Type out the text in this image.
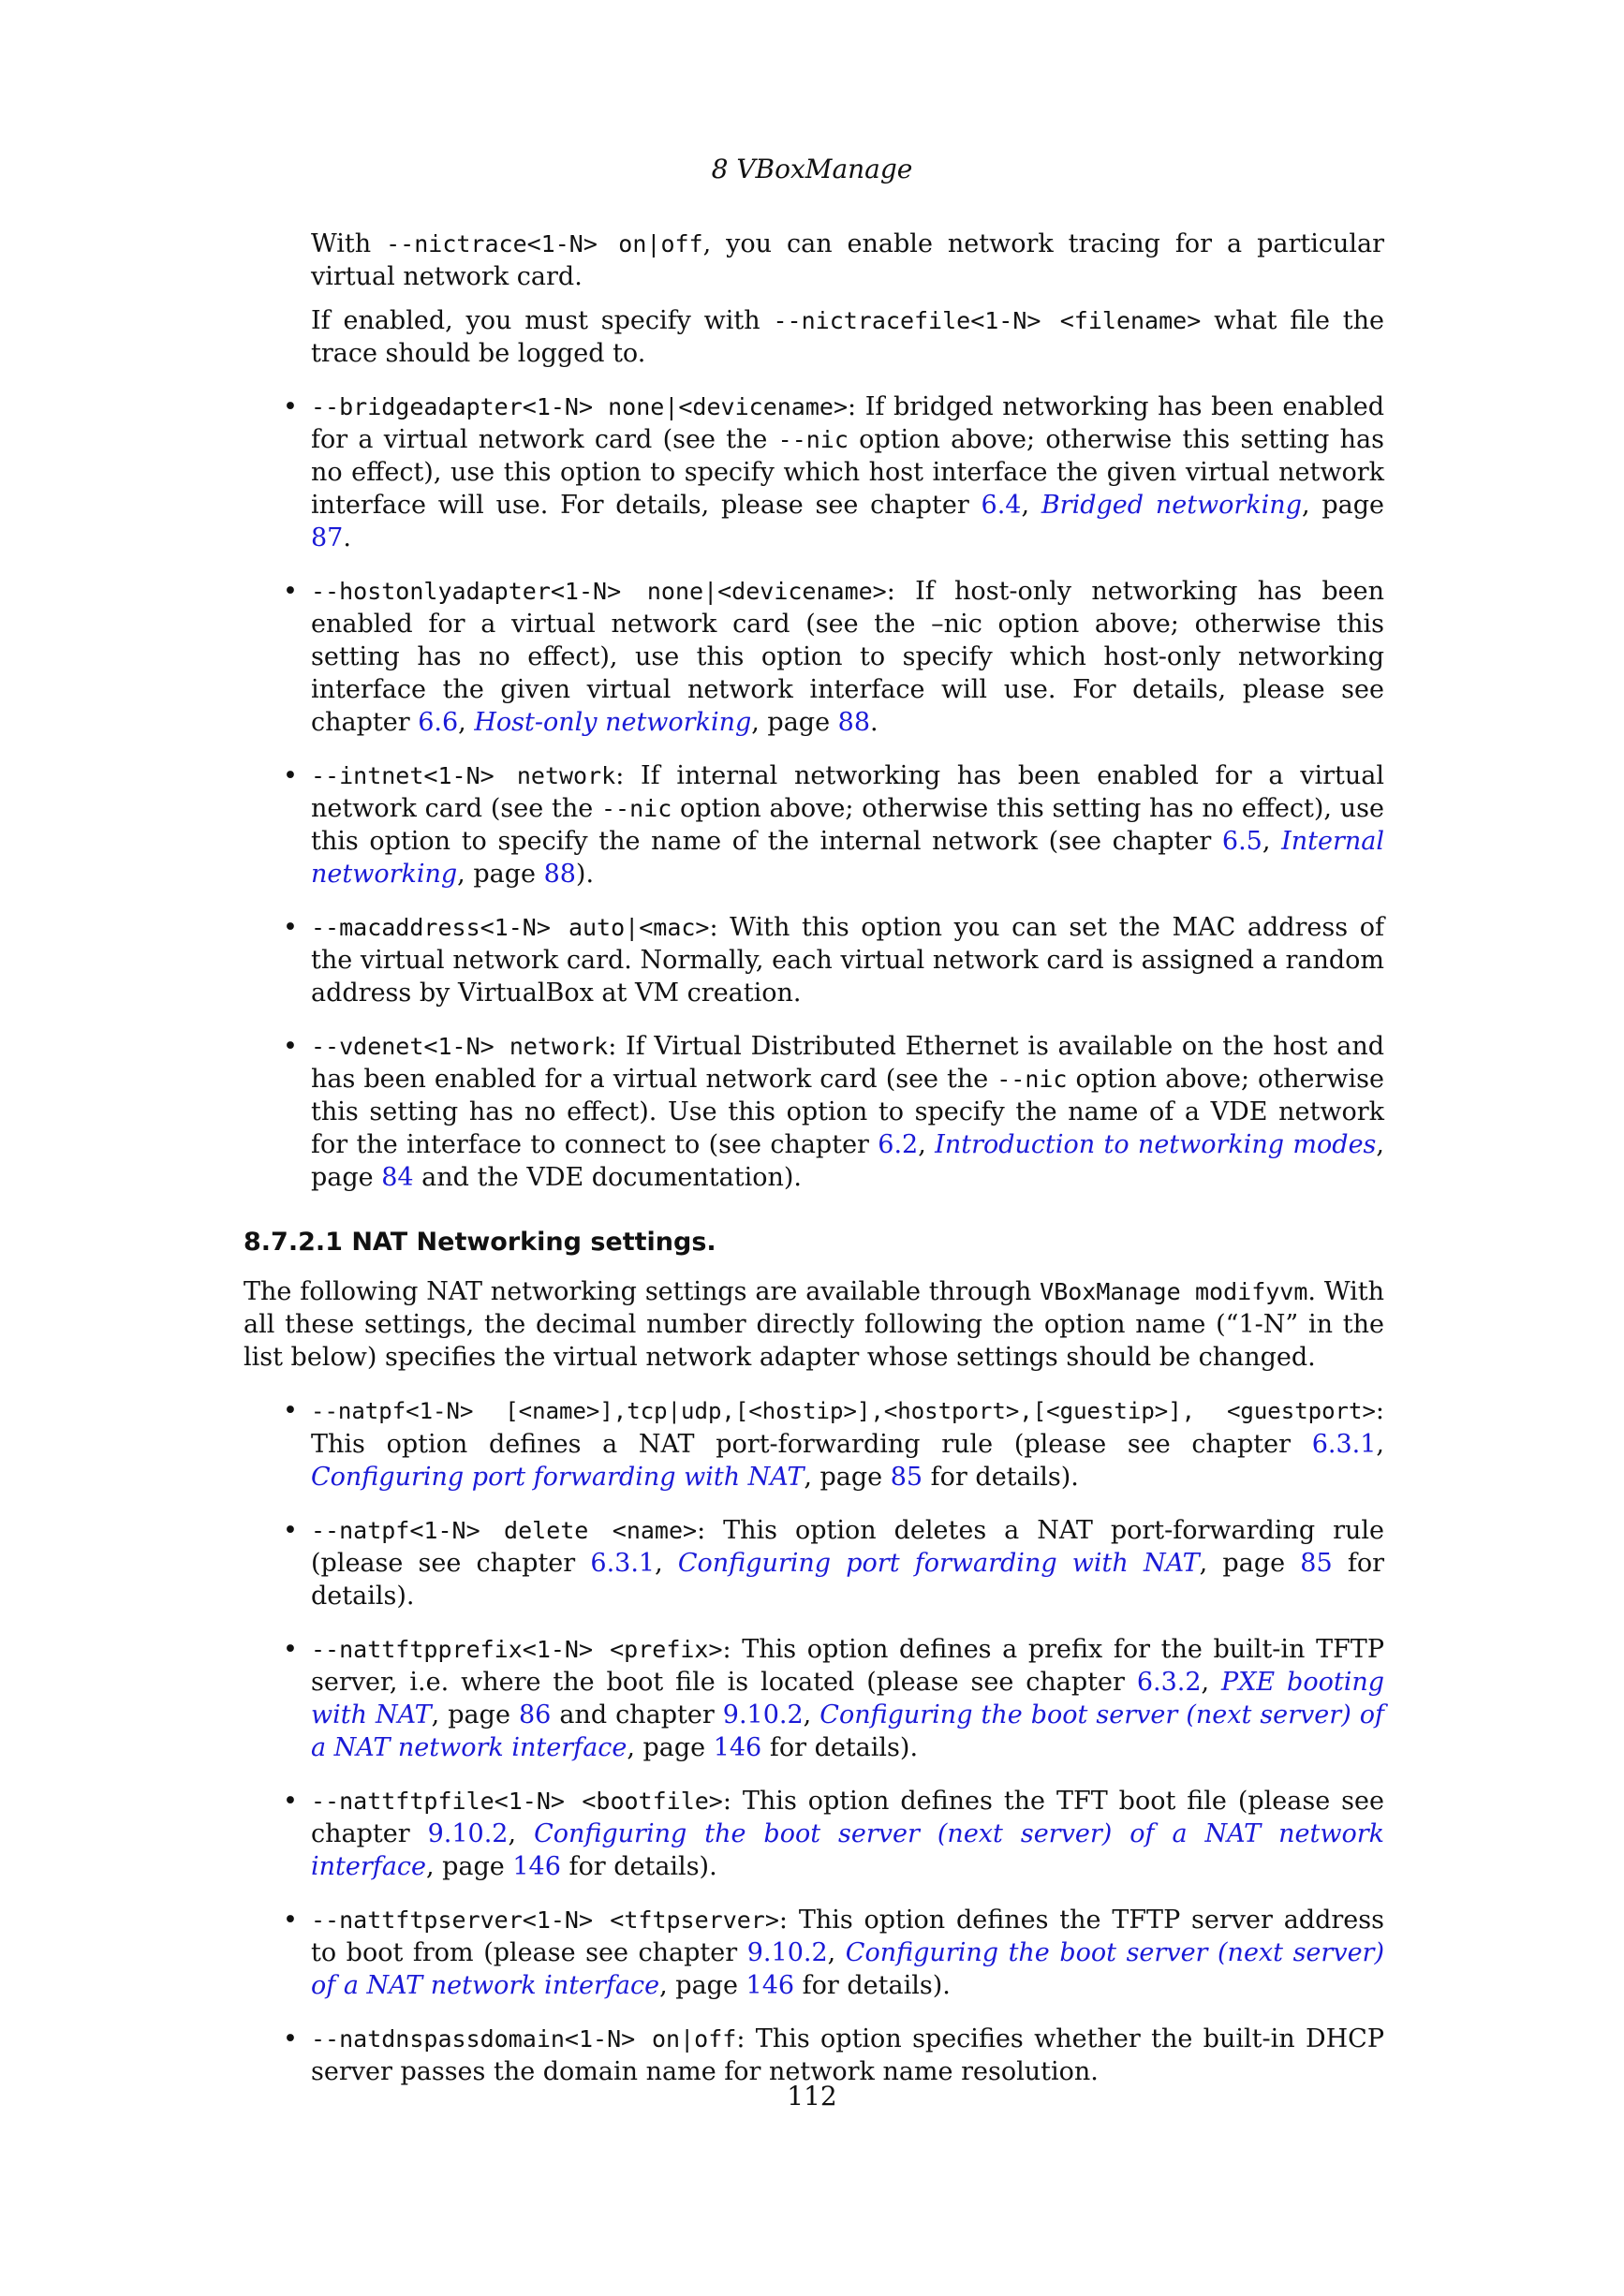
8 VBoxManage

With --nictrace<1-N> on|off, you can enable network tracing for a particular virtual network card.

If enabled, you must specify with --nictracefile<1-N> <filename> what file the trace should be logged to.

• --bridgeadapter<1-N> none|<devicename>: If bridged networking has been enabled for a virtual network card (see the --nic option above; otherwise this setting has no effect), use this option to specify which host interface the given virtual network interface will use. For details, please see chapter 6.4, Bridged networking, page 87.
• --hostonlyadapter<1-N> none|<devicename>: If host-only networking has been enabled for a virtual network card (see the –nic option above; otherwise this setting has no effect), use this option to specify which host-only networking interface the given virtual network interface will use. For details, please see chapter 6.6, Host-only networking, page 88.
• --intnet<1-N> network: If internal networking has been enabled for a virtual network card (see the --nic option above; otherwise this setting has no effect), use this option to specify the name of the internal network (see chapter 6.5, Internal networking, page 88).
• --macaddress<1-N> auto|<mac>: With this option you can set the MAC address of the virtual network card. Normally, each virtual network card is assigned a random address by VirtualBox at VM creation.
• --vdenet<1-N> network: If Virtual Distributed Ethernet is available on the host and has been enabled for a virtual network card (see the --nic option above; otherwise this setting has no effect). Use this option to specify the name of a VDE network for the interface to connect to (see chapter 6.2, Introduction to networking modes, page 84 and the VDE documentation).
8.7.2.1 NAT Networking settings.

The following NAT networking settings are available through VBoxManage modifyvm. With all these settings, the decimal number directly following the option name (“1-N” in the list below) specifies the virtual network adapter whose settings should be changed.

• --natpf<1-N> [<name>],tcp|udp,[<hostip>],<hostport>,[<guestip>], <guestport>: This option defines a NAT port-forwarding rule (please see chapter 6.3.1, Configuring port forwarding with NAT, page 85 for details).
• --natpf<1-N> delete <name>: This option deletes a NAT port-forwarding rule (please see chapter 6.3.1, Configuring port forwarding with NAT, page 85 for details).
• --nattftpprefix<1-N> <prefix>: This option defines a prefix for the built-in TFTP server, i.e. where the boot file is located (please see chapter 6.3.2, PXE booting with NAT, page 86 and chapter 9.10.2, Configuring the boot server (next server) of a NAT network interface, page 146 for details).
• --nattftpfile<1-N> <bootfile>: This option defines the TFT boot file (please see chapter 9.10.2, Configuring the boot server (next server) of a NAT network interface, page 146 for details).
• --nattftpserver<1-N> <tftpserver>: This option defines the TFTP server address to boot from (please see chapter 9.10.2, Configuring the boot server (next server) of a NAT network interface, page 146 for details).
• --natdnspassdomain<1-N> on|off: This option specifies whether the built-in DHCP server passes the domain name for network name resolution.
112
